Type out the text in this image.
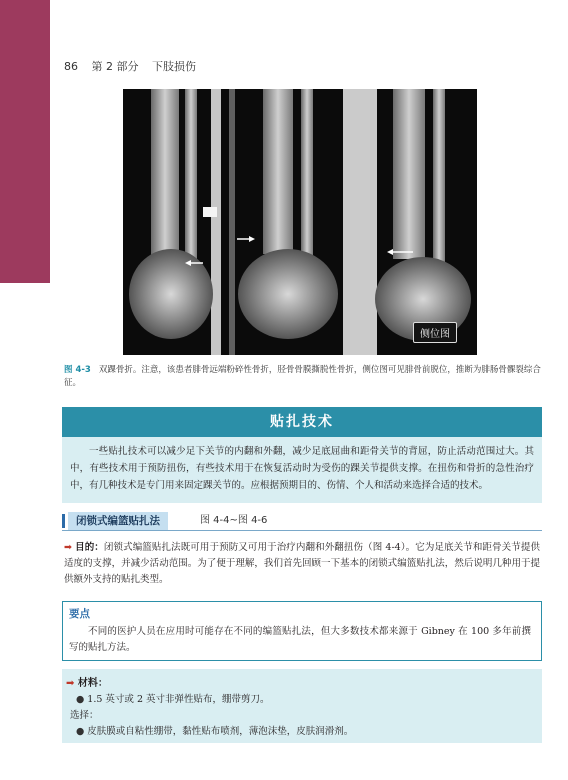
86 第 2 部分 下肢损伤
侧位图
图 4-3 双踝骨折。注意，该患者腓骨远端粉碎性骨折，胫骨骨膜撕脱性骨折，侧位图可见腓骨前脱位，推断为腓肠骨髁裂综合征。
贴扎技术

一些贴扎技术可以减少足下关节的内翻和外翻，减少足底屈曲和距骨关节的背屈，防止活动范围过大。其中，有些技术用于预防扭伤，有些技术用于在恢复活动时为受伤的踝关节提供支撑。在扭伤和骨折的急性治疗中，有几种技术是专门用来固定踝关节的。应根据预期目的、伤情、个人和活动来选择合适的技术。

闭锁式编篮贴扎法	图 4-4~图 4-6
➡ 目的：闭锁式编篮贴扎法既可用于预防又可用于治疗内翻和外翻扭伤（图 4-4）。它为足底关节和距骨关节提供适度的支撑，并减少活动范围。为了便于理解，我们首先回顾一下基本的闭锁式编篮贴扎法，然后说明几种用于提供额外支持的贴扎类型。
要点
不同的医护人员在应用时可能存在不同的编篮贴扎法，但大多数技术都来源于 Gibney 在 100 多年前撰写的贴扎方法。
➡ 材料：
● 1.5 英寸或 2 英寸非弹性贴布，绷带剪刀。
选择：
● 皮肤膜或自粘性绷带，黏性贴布喷剂，薄泡沫垫，皮肤润滑剂。
